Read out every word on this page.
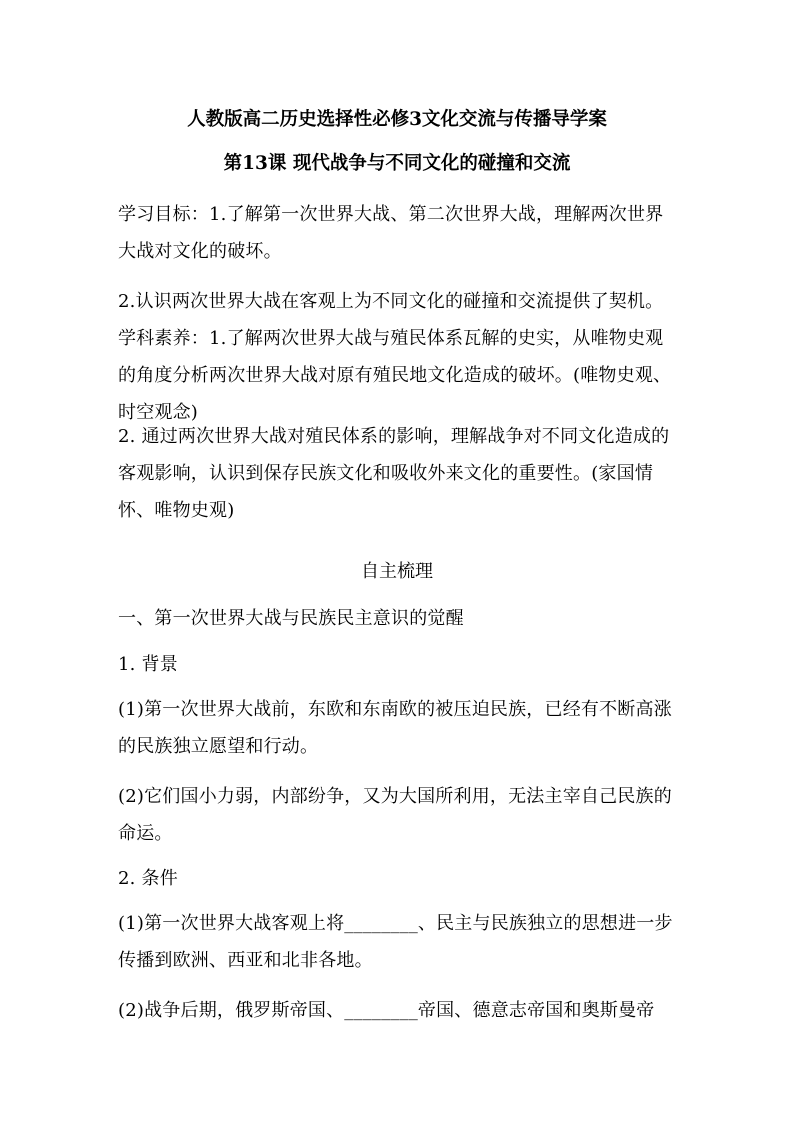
人教版高二历史选择性必修3文化交流与传播导学案
第13课 现代战争与不同文化的碰撞和交流
学习目标：1.了解第一次世界大战、第二次世界大战，理解两次世界大战对文化的破坏。
2.认识两次世界大战在客观上为不同文化的碰撞和交流提供了契机。学科素养：1.了解两次世界大战与殖民体系瓦解的史实，从唯物史观的角度分析两次世界大战对原有殖民地文化造成的破坏。(唯物史观、时空观念)
2. 通过两次世界大战对殖民体系的影响，理解战争对不同文化造成的客观影响，认识到保存民族文化和吸收外来文化的重要性。(家国情怀、唯物史观)
自主梳理
一、第一次世界大战与民族民主意识的觉醒
1. 背景
(1)第一次世界大战前，东欧和东南欧的被压迫民族，已经有不断高涨的民族独立愿望和行动。
(2)它们国小力弱，内部纷争，又为大国所利用，无法主宰自己民族的命运。
2. 条件
(1)第一次世界大战客观上将________、民主与民族独立的思想进一步传播到欧洲、西亚和北非各地。
(2)战争后期，俄罗斯帝国、________帝国、德意志帝国和奥斯曼帝
